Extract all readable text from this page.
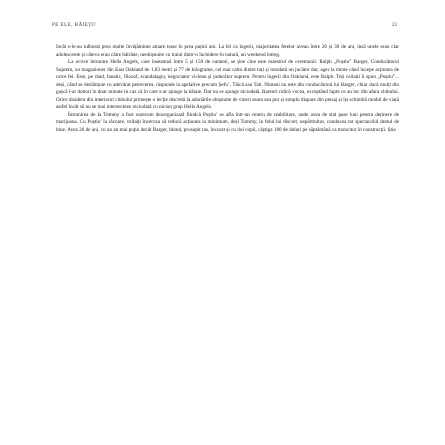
PE ELE, BĂIEȚI!	23

încât s-le-au tulburat prea multe învățăminte amare trase în prea puțini ani. La fel ca îngerii, majoritatea fetelor aveau între 20 și 30 de ani, însă unele erau clar adolescente și câteva erau către bătrâne, neobișnuite cu traiul dintr-o închidere în natură, un weekend întreg.

La ocrice întrunire Hells Angels, care înseamnă între 5 și 150 de oameni, se ține cine este maestrul de ceremonii: Ralph „Puștiu” Barger, Conducătorul Suprem, un magazioner din East Oakland de 1,83 metri și 77 de kilograme, cel mai calm dintre toți și totodată un jucător dur, ager la minte când începe acțiunea de orice fel. Este, pe rând, fanatic, filozof, scandalagiu, negociator viclean și judecător suprem. Pentru îngerii din Oakland, este Ralph. Toți ceilalți îi spun „Puștiu”... deși, când se dezlănțuie cu adevărat petrecerea, răspunde la apelative precum Șefu’, Tăică sau Tati. Nimeni nu este din conducătorul lui Barger, chiar dacă mulți din gașcă l-ar dobori în doar minute în caz că în care s-ar ajunge la bătaie. Dar nu se ajunge niciodată. Rareori ridică vocea, exceptând lupte ce au loc din afara clubului. Orice disident din interiorul clubului primește o lecție discretă la adunările obișnuite de vineri seara sau pur și simplu dispare din peisaj și își schimbă modul de viață astfel încât să nu se mai intersecteze niciodată cu niciun grup Hells Angels.

Întrunirea de la Tommy a fost oarecum dezorganizată fiindcă Puștiu’ se afla într-un centru de reabilitare, unde avea de stat pase luni pentru deținere de marijuana. Cu Puștiu’ la răcoare, ceilalți încercau să reducă acțiunea la minimum, deși Tommy, în felul lui discret, nepărtinitor, conducea tot spectacolul destul de bine. Avea 26 de ani, cu un an mai puțin decât Barger, blond, prosopit ras, încurat și cu doi copii, câștiga 180 de dolari pe săptămână ca muncitor în construcții. Știa
